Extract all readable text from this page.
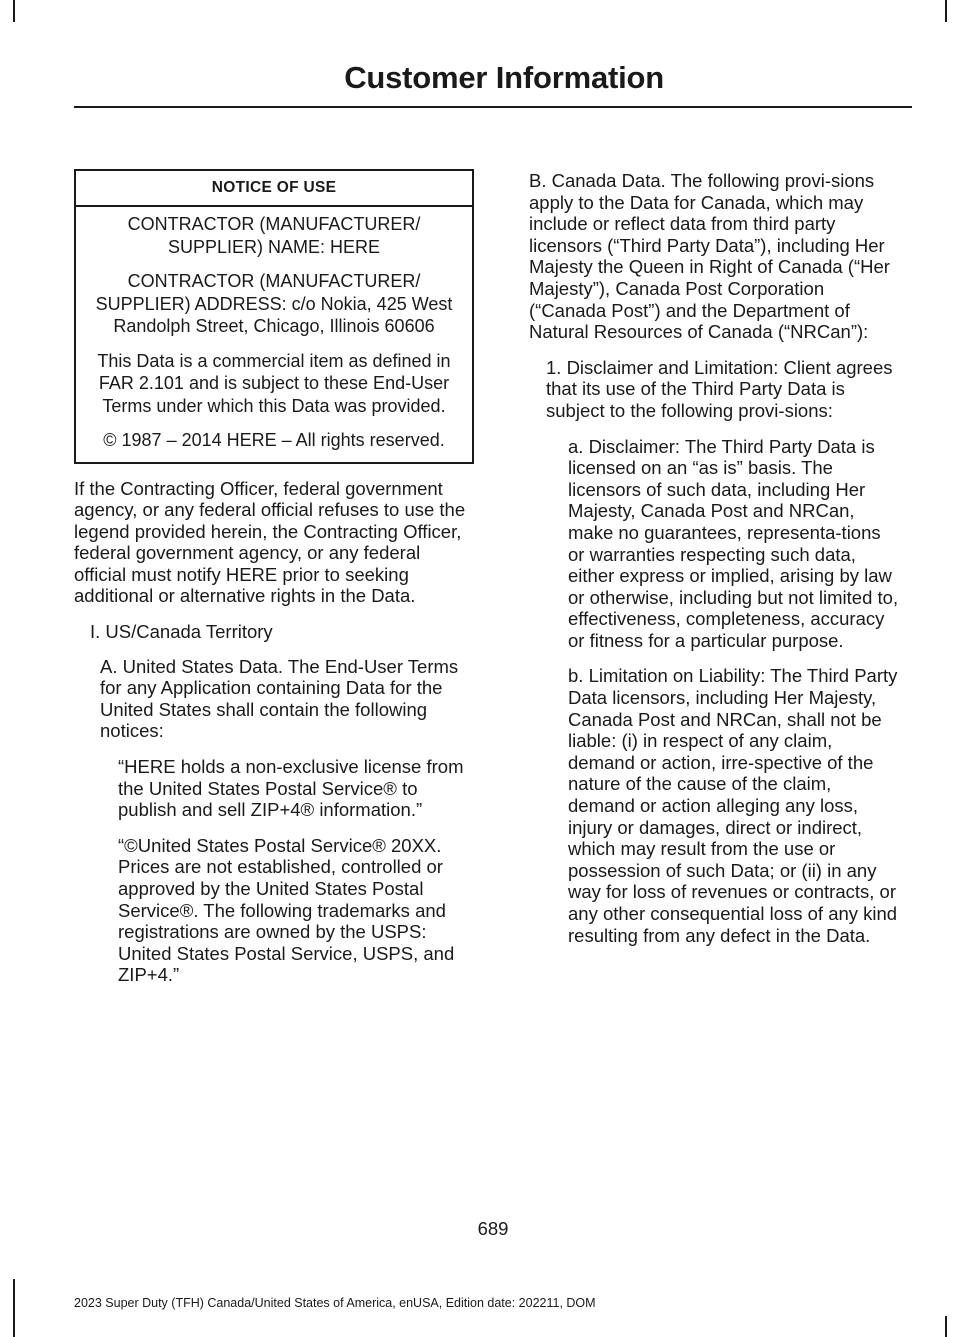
Customer Information
NOTICE OF USE

CONTRACTOR (MANUFACTURER/ SUPPLIER) NAME: HERE

CONTRACTOR (MANUFACTURER/ SUPPLIER) ADDRESS: c/o Nokia, 425 West Randolph Street, Chicago, Illinois 60606

This Data is a commercial item as defined in FAR 2.101 and is subject to these End-User Terms under which this Data was provided.

© 1987 – 2014 HERE – All rights reserved.

If the Contracting Officer, federal government agency, or any federal official refuses to use the legend provided herein, the Contracting Officer, federal government agency, or any federal official must notify HERE prior to seeking additional or alternative rights in the Data.

I. US/Canada Territory

A. United States Data. The End-User Terms for any Application containing Data for the United States shall contain the following notices:

“HERE holds a non-exclusive license from the United States Postal Service® to publish and sell ZIP+4® information.”

“©United States Postal Service® 20XX. Prices are not established, controlled or approved by the United States Postal Service®. The following trademarks and registrations are owned by the USPS: United States Postal Service, USPS, and ZIP+4.”

B. Canada Data. The following provi-sions apply to the Data for Canada, which may include or reflect data from third party licensors (“Third Party Data”), including Her Majesty the Queen in Right of Canada (“Her Majesty”), Canada Post Corporation (“Canada Post”) and the Department of Natural Resources of Canada (“NRCan”):

1. Disclaimer and Limitation: Client agrees that its use of the Third Party Data is subject to the following provi-sions:

a. Disclaimer: The Third Party Data is licensed on an “as is” basis. The licensors of such data, including Her Majesty, Canada Post and NRCan, make no guarantees, representa-tions or warranties respecting such data, either express or implied, arising by law or otherwise, including but not limited to, effectiveness, completeness, accuracy or fitness for a particular purpose.

b. Limitation on Liability: The Third Party Data licensors, including Her Majesty, Canada Post and NRCan, shall not be liable: (i) in respect of any claim, demand or action, irre-spective of the nature of the cause of the claim, demand or action alleging any loss, injury or damages, direct or indirect, which may result from the use or possession of such Data; or (ii) in any way for loss of revenues or contracts, or any other consequential loss of any kind resulting from any defect in the Data.

689
2023 Super Duty (TFH) Canada/United States of America, enUSA, Edition date: 202211, DOM
